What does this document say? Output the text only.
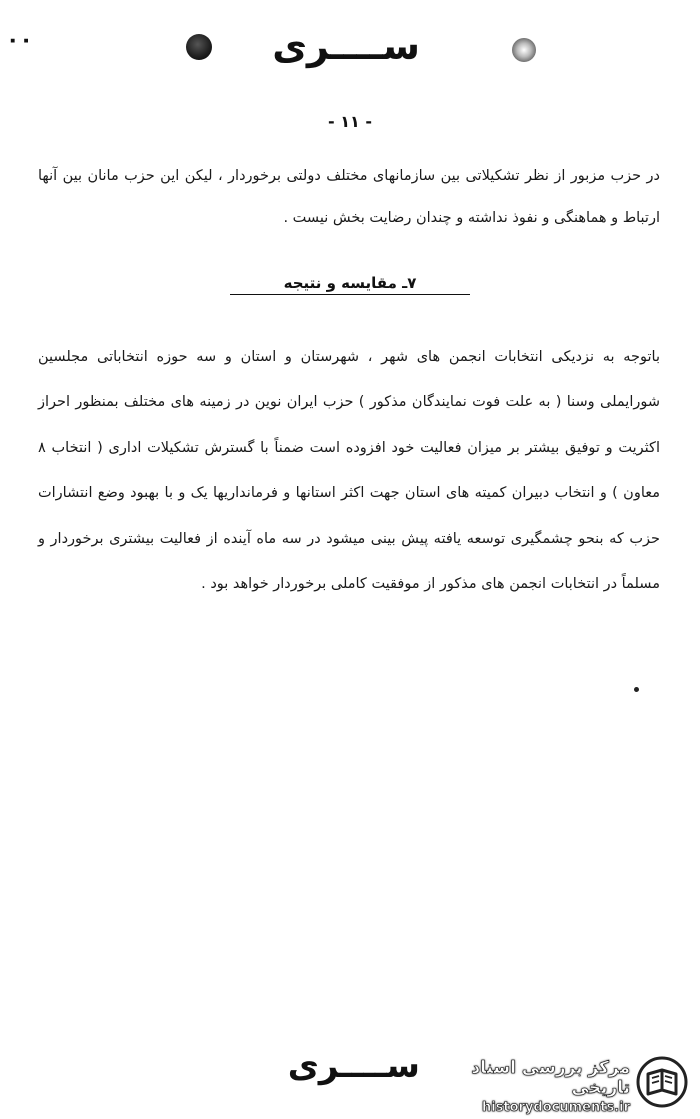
٠٠	ســــرى
- ١١ -

در حزب مزبور از نظر تشکیلاتی بین سازمانهای مختلف دولتی برخوردار ، لیکن این حزب مانان بین آنها ارتباط و هماهنگی و نفوذ نداشته و چندان رضایت بخش نیست .

٧ـ مقایسه و نتیجه

باتوجه به نزدیکی انتخابات انجمن های شهر ، شهرستان و استان و سه حوزه انتخاباتی مجلسین شورایملی وسنا ( به علت فوت نمایندگان مذکور ) حزب ایران نوین در زمینه های مختلف بمنظور احراز اکثریت و توفیق بیشتر بر میزان فعالیت خود افزوده است ضمناً با گسترش تشکیلات اداری ( انتخاب ٨ معاون ) و انتخاب دبیران کمیته های استان جهت اکثر استانها و فرمانداریها یک و با بهبود وضع انتشارات حزب که بنحو چشمگیری توسعه یافته پیش بینی میشود در سه ماه آینده از فعالیت بیشتری برخوردار و مسلماً در انتخابات انجمن های مذکور از موفقیت کاملی برخوردار خواهد بود .

ســــرى	مرکز بررسی اسناد تاریخی
historydocuments.ir
